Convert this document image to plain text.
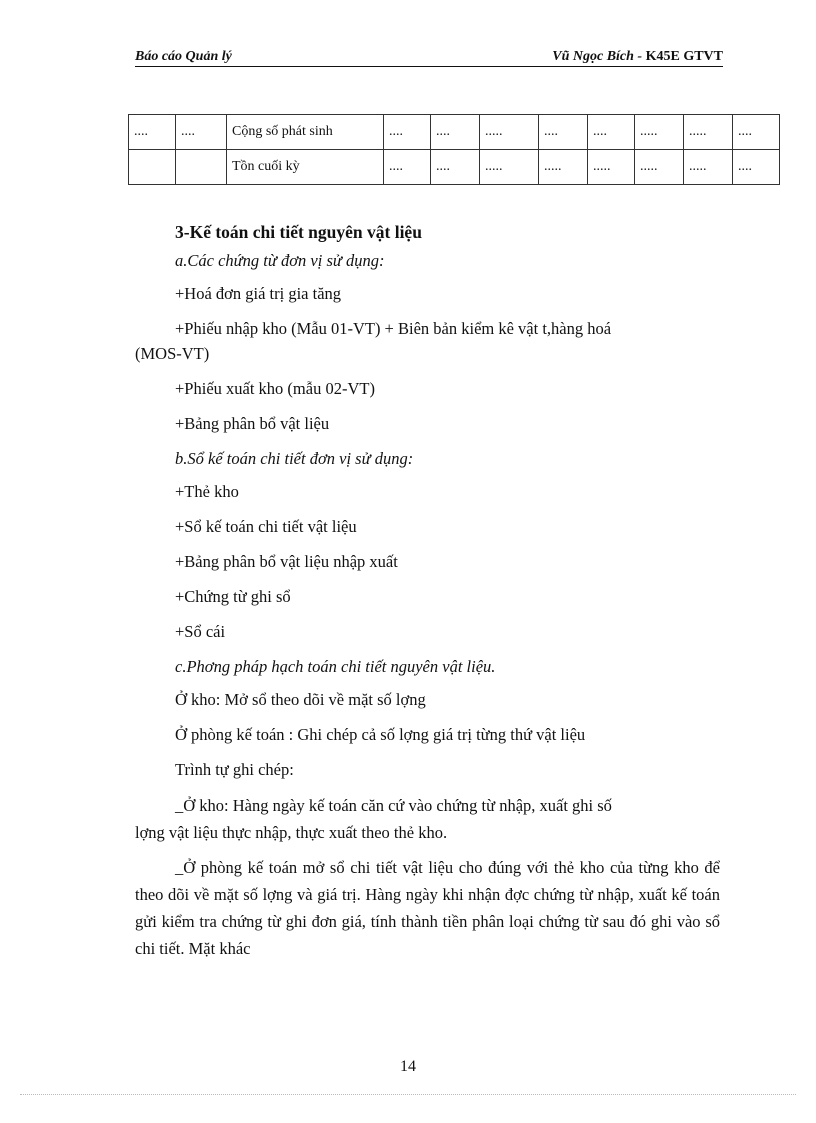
Báo cáo Quản lý	Vũ Ngọc Bích - K45E GTVT
....	....	Cộng số phát sinh	....	....	.....	....	....	.....	.....	....
		Tồn cuối kỳ	....	....	.....	.....	.....	.....	.....	....
3-Kế toán chi tiết nguyên vật liệu
a.Các chứng từ đơn vị sử dụng:
+Hoá đơn giá trị gia tăng
+Phiếu nhập kho (Mẫu 01-VT) + Biên bản kiểm kê vật t,hàng hoá
(MOS-VT)
+Phiếu xuất kho (mẫu 02-VT)
+Bảng phân bổ vật liệu
b.Sổ kế toán chi tiết đơn vị sử dụng:
+Thẻ kho
+Sổ kế toán chi tiết vật liệu
+Bảng phân bổ vật liệu nhập xuất
+Chứng từ ghi sổ
+Sổ cái
c.Phơng pháp hạch toán chi tiết nguyên vật liệu.
Ở kho: Mở sổ theo dõi về mặt số lợng
Ở phòng kế toán : Ghi chép cả số lợng giá trị từng thứ vật liệu
Trình tự ghi chép:
_Ở kho: Hàng ngày kế toán căn cứ vào chứng từ nhập, xuất ghi số
lợng vật liệu thực nhập, thực xuất theo thẻ kho.

_Ở phòng kế toán mở sổ chi tiết vật liệu cho đúng với thẻ kho của từng kho để theo dõi về mặt số lợng và giá trị. Hàng ngày khi nhận đợc chứng từ nhập, xuất kế toán gửi kiểm tra chứng từ ghi đơn giá, tính thành tiền phân loại chứng từ sau đó ghi vào sổ chi tiết. Mặt khác

14
